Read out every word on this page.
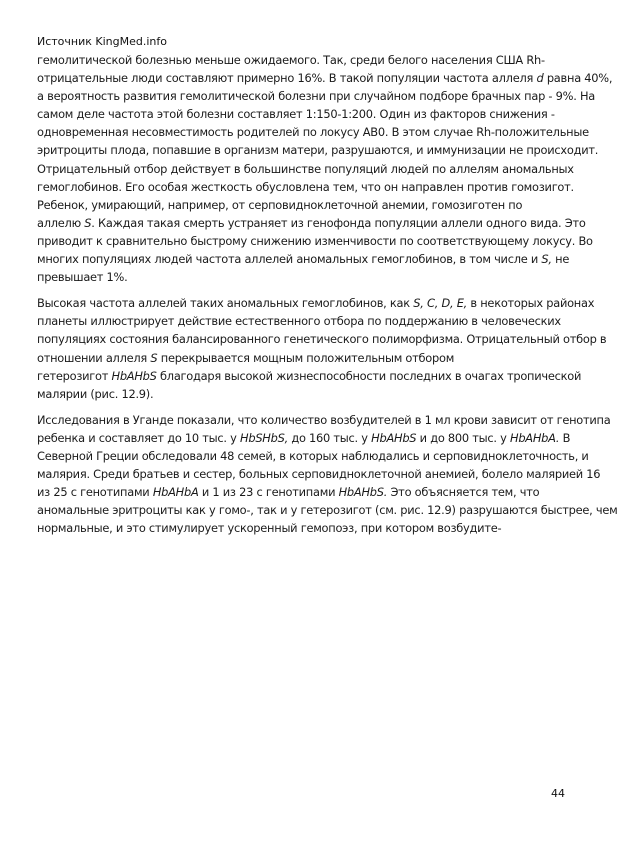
Источник KingMed.info
гемолитической болезнью меньше ожидаемого. Так, среди белого населения США Rh-
отрицательные люди составляют примерно 16%. В такой популяции частота аллеля d равна 40%,
а вероятность развития гемолитической болезни при случайном подборе брачных пар - 9%. На
самом деле частота этой болезни составляет 1:150-1:200. Один из факторов снижения -
одновременная несовместимость родителей по локусу АВ0. В этом случае Rh-положительные
эритроциты плода, попавшие в организм матери, разрушаются, и иммунизации не происходит.
Отрицательный отбор действует в большинстве популяций людей по аллелям аномальных
гемоглобинов. Его особая жесткость обусловлена тем, что он направлен против гомозигот.
Ребенок, умирающий, например, от серповидноклеточной анемии, гомозиготен по
аллелю S. Каждая такая смерть устраняет из генофонда популяции аллели одного вида. Это
приводит к сравнительно быстрому снижению изменчивости по соответствующему локусу. Во
многих популяциях людей частота аллелей аномальных гемоглобинов, в том числе и S, не
превышает 1%.
Высокая частота аллелей таких аномальных гемоглобинов, как S, C, D, E, в некоторых районах
планеты иллюстрирует действие естественного отбора по поддержанию в человеческих
популяциях состояния балансированного генетического полиморфизма. Отрицательный отбор в
отношении аллеля S перекрывается мощным положительным отбором
гетерозигот HbAHbS благодаря высокой жизнеспособности последних в очагах тропической
малярии (рис. 12.9).
Исследования в Уганде показали, что количество возбудителей в 1 мл крови зависит от генотипа
ребенка и составляет до 10 тыс. у HbSHbS, до 160 тыс. у HbAHbS и до 800 тыс. у HbAHbA. В
Северной Греции обследовали 48 семей, в которых наблюдались и серповидноклеточность, и
малярия. Среди братьев и сестер, больных серповидноклеточной анемией, болело малярией 16
из 25 с генотипами HbAHbA и 1 из 23 с генотипами HbAHbS. Это объясняется тем, что
аномальные эритроциты как у гомо-, так и у гетерозигот (см. рис. 12.9) разрушаются быстрее, чем
нормальные, и это стимулирует ускоренный гемопоэз, при котором возбудите-
44
